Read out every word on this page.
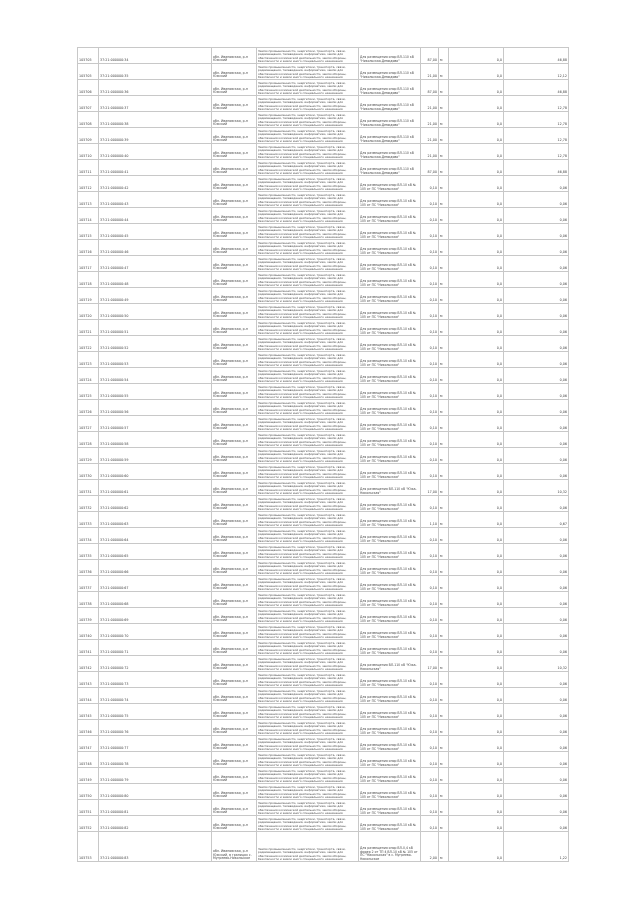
105705	37:21:000000:34	обл. Ивановская, р-н Южский	Земли промышленности, энергетики, транспорта, связи, радиовещания, телевидения, информатики, земли для обеспечения космической деятельности, земли обороны, безопасности и земли иного специального назначения	Для размещения опор ВЛ-110 кВ "Никольская-Демидово"	87,00	м	0,0	46,88
105705	37:21:000000:35	обл. Ивановская, р-н Южский	Земли промышленности, энергетики, транспорта, связи, радиовещания, телевидения, информатики, земли для обеспечения космической деятельности, земли обороны, безопасности и земли иного специального назначения	Для размещения опор ВЛ-110 кВ "Никольская-Демидово"	21,00	м	0,0	12,12
105706	37:21:000000:36	обл. Ивановская, р-н Южский	Земли промышленности, энергетики, транспорта, связи, радиовещания, телевидения, информатики, земли для обеспечения космической деятельности, земли обороны, безопасности и земли иного специального назначения	Для размещения опор ВЛ-110 кВ "Никольская-Демидово"	87,00	м	0,0	46,88
105707	37:21:000000:37	обл. Ивановская, р-н Южский	Земли промышленности, энергетики, транспорта, связи, радиовещания, телевидения, информатики, земли для обеспечения космической деятельности, земли обороны, безопасности и земли иного специального назначения	Для размещения опор ВЛ-110 кВ "Никольская-Демидово"	21,00	м	0,0	12,78
105708	37:21:000000:38	обл. Ивановская, р-н Южский	Земли промышленности, энергетики, транспорта, связи, радиовещания, телевидения, информатики, земли для обеспечения космической деятельности, земли обороны, безопасности и земли иного специального назначения	Для размещения опор ВЛ-110 кВ "Никольская-Демидово"	21,00	м	0,0	12,78
105709	37:21:000000:39	обл. Ивановская, р-н Южский	Земли промышленности, энергетики, транспорта, связи, радиовещания, телевидения, информатики, земли для обеспечения космической деятельности, земли обороны, безопасности и земли иного специального назначения	Для размещения опор ВЛ-110 кВ "Никольская-Демидово"	21,00	м	0,0	12,78
105710	37:21:000000:40	обл. Ивановская, р-н Южский	Земли промышленности, энергетики, транспорта, связи, радиовещания, телевидения, информатики, земли для обеспечения космической деятельности, земли обороны, безопасности и земли иного специального назначения	Для размещения опор ВЛ-110 кВ "Никольская-Демидово"	21,00	м	0,0	12,78
105711	37:21:000000:41	обл. Ивановская, р-н Южский	Земли промышленности, энергетики, транспорта, связи, радиовещания, телевидения, информатики, земли для обеспечения космической деятельности, земли обороны, безопасности и земли иного специального назначения	Для размещения опор ВЛ-110 кВ "Никольская-Демидово"	87,00	м	0,0	46,88
105712	37:21:000000:42	обл. Ивановская, р-н Южский	Земли промышленности, энергетики, транспорта, связи, радиовещания, телевидения, информатики, земли для обеспечения космической деятельности, земли обороны, безопасности и земли иного специального назначения	Для размещения опор ВЛ-10 кВ № 105 от ПС "Никольская"	0,10	м	0,0	0,06
105713	37:21:000000:43	обл. Ивановская, р-н Южский	Земли промышленности, энергетики, транспорта, связи, радиовещания, телевидения, информатики, земли для обеспечения космической деятельности, земли обороны, безопасности и земли иного специального назначения	Для размещения опор ВЛ-10 кВ № 105 от ПС "Никольская"	0,10	м	0,0	0,06
105714	37:21:000000:44	обл. Ивановская, р-н Южский	Земли промышленности, энергетики, транспорта, связи, радиовещания, телевидения, информатики, земли для обеспечения космической деятельности, земли обороны, безопасности и земли иного специального назначения	Для размещения опор ВЛ-10 кВ № 105 от ПС "Никольская"	0,10	м	0,0	0,06
105715	37:21:000000:45	обл. Ивановская, р-н Южский	Земли промышленности, энергетики, транспорта, связи, радиовещания, телевидения, информатики, земли для обеспечения космической деятельности, земли обороны, безопасности и земли иного специального назначения	Для размещения опор ВЛ-10 кВ № 105 от ПС "Никольская"	0,10	м	0,0	0,06
105716	37:21:000000:46	обл. Ивановская, р-н Южский	Земли промышленности, энергетики, транспорта, связи, радиовещания, телевидения, информатики, земли для обеспечения космической деятельности, земли обороны, безопасности и земли иного специального назначения	Для размещения опор ВЛ-10 кВ № 105 от ПС "Никольская"	0,10	м	0,0	0,06
105717	37:21:000000:47	обл. Ивановская, р-н Южский	Земли промышленности, энергетики, транспорта, связи, радиовещания, телевидения, информатики, земли для обеспечения космической деятельности, земли обороны, безопасности и земли иного специального назначения	Для размещения опор ВЛ-10 кВ № 105 от ПС "Никольская"	0,10	м	0,0	0,06
105718	37:21:000000:48	обл. Ивановская, р-н Южский	Земли промышленности, энергетики, транспорта, связи, радиовещания, телевидения, информатики, земли для обеспечения космической деятельности, земли обороны, безопасности и земли иного специального назначения	Для размещения опор ВЛ-10 кВ № 105 от ПС "Никольская"	0,10	м	0,0	0,06
105719	37:21:000000:49	обл. Ивановская, р-н Южский	Земли промышленности, энергетики, транспорта, связи, радиовещания, телевидения, информатики, земли для обеспечения космической деятельности, земли обороны, безопасности и земли иного специального назначения	Для размещения опор ВЛ-10 кВ № 105 от ПС "Никольская"	0,10	м	0,0	0,06
105720	37:21:000000:50	обл. Ивановская, р-н Южский	Земли промышленности, энергетики, транспорта, связи, радиовещания, телевидения, информатики, земли для обеспечения космической деятельности, земли обороны, безопасности и земли иного специального назначения	Для размещения опор ВЛ-10 кВ № 105 от ПС "Никольская"	0,10	м	0,0	0,06
105721	37:21:000000:51	обл. Ивановская, р-н Южский	Земли промышленности, энергетики, транспорта, связи, радиовещания, телевидения, информатики, земли для обеспечения космической деятельности, земли обороны, безопасности и земли иного специального назначения	Для размещения опор ВЛ-10 кВ № 105 от ПС "Никольская"	0,10	м	0,0	0,06
105722	37:21:000000:52	обл. Ивановская, р-н Южский	Земли промышленности, энергетики, транспорта, связи, радиовещания, телевидения, информатики, земли для обеспечения космической деятельности, земли обороны, безопасности и земли иного специального назначения	Для размещения опор ВЛ-10 кВ № 105 от ПС "Никольская"	0,10	м	0,0	0,06
105723	37:21:000000:53	обл. Ивановская, р-н Южский	Земли промышленности, энергетики, транспорта, связи, радиовещания, телевидения, информатики, земли для обеспечения космической деятельности, земли обороны, безопасности и земли иного специального назначения	Для размещения опор ВЛ-10 кВ № 105 от ПС "Никольская"	0,10	м	0,0	0,06
105724	37:21:000000:54	обл. Ивановская, р-н Южский	Земли промышленности, энергетики, транспорта, связи, радиовещания, телевидения, информатики, земли для обеспечения космической деятельности, земли обороны, безопасности и земли иного специального назначения	Для размещения опор ВЛ-10 кВ № 105 от ПС "Никольская"	0,10	м	0,0	0,06
105725	37:21:000000:55	обл. Ивановская, р-н Южский	Земли промышленности, энергетики, транспорта, связи, радиовещания, телевидения, информатики, земли для обеспечения космической деятельности, земли обороны, безопасности и земли иного специального назначения	Для размещения опор ВЛ-10 кВ № 105 от ПС "Никольская"	0,10	м	0,0	0,06
105726	37:21:000000:56	обл. Ивановская, р-н Южский	Земли промышленности, энергетики, транспорта, связи, радиовещания, телевидения, информатики, земли для обеспечения космической деятельности, земли обороны, безопасности и земли иного специального назначения	Для размещения опор ВЛ-10 кВ № 105 от ПС "Никольская"	0,10	м	0,0	0,06
105727	37:21:000000:57	обл. Ивановская, р-н Южский	Земли промышленности, энергетики, транспорта, связи, радиовещания, телевидения, информатики, земли для обеспечения космической деятельности, земли обороны, безопасности и земли иного специального назначения	Для размещения опор ВЛ-10 кВ № 105 от ПС "Никольская"	0,10	м	0,0	0,06
105728	37:21:000000:58	обл. Ивановская, р-н Южский	Земли промышленности, энергетики, транспорта, связи, радиовещания, телевидения, информатики, земли для обеспечения космической деятельности, земли обороны, безопасности и земли иного специального назначения	Для размещения опор ВЛ-10 кВ № 105 от ПС "Никольская"	0,10	м	0,0	0,06
105729	37:21:000000:59	обл. Ивановская, р-н Южский	Земли промышленности, энергетики, транспорта, связи, радиовещания, телевидения, информатики, земли для обеспечения космической деятельности, земли обороны, безопасности и земли иного специального назначения	Для размещения опор ВЛ-10 кВ № 105 от ПС "Никольская"	0,10	м	0,0	0,06
105730	37:21:000000:60	обл. Ивановская, р-н Южский	Земли промышленности, энергетики, транспорта, связи, радиовещания, телевидения, информатики, земли для обеспечения космической деятельности, земли обороны, безопасности и земли иного специального назначения	Для размещения опор ВЛ-10 кВ № 105 от ПС "Никольская"	0,10	м	0,0	0,06
105731	37:21:000000:61	обл. Ивановская, р-н Южский	Земли промышленности, энергетики, транспорта, связи, радиовещания, телевидения, информатики, земли для обеспечения космической деятельности, земли обороны, безопасности и земли иного специального назначения	Для размещения ВЛ-110 кВ "Южа-Никольская"	17,00	м	0,0	10,32
105732	37:21:000000:62	обл. Ивановская, р-н Южский	Земли промышленности, энергетики, транспорта, связи, радиовещания, телевидения, информатики, земли для обеспечения космической деятельности, земли обороны, безопасности и земли иного специального назначения	Для размещения опор ВЛ-10 кВ № 105 от ПС "Никольская"	0,10	м	0,0	0,06
105733	37:21:000000:63	обл. Ивановская, р-н Южский	Земли промышленности, энергетики, транспорта, связи, радиовещания, телевидения, информатики, земли для обеспечения космической деятельности, земли обороны, безопасности и земли иного специального назначения	Для размещения опор ВЛ-10 кВ № 105 от ПС "Никольская"	1,10	м	0,0	0,67
105734	37:21:000000:64	обл. Ивановская, р-н Южский	Земли промышленности, энергетики, транспорта, связи, радиовещания, телевидения, информатики, земли для обеспечения космической деятельности, земли обороны, безопасности и земли иного специального назначения	Для размещения опор ВЛ-10 кВ № 105 от ПС "Никольская"	0,10	м	0,0	0,06
105735	37:21:000000:65	обл. Ивановская, р-н Южский	Земли промышленности, энергетики, транспорта, связи, радиовещания, телевидения, информатики, земли для обеспечения космической деятельности, земли обороны, безопасности и земли иного специального назначения	Для размещения опор ВЛ-10 кВ № 105 от ПС "Никольская"	0,10	м	0,0	0,06
105736	37:21:000000:66	обл. Ивановская, р-н Южский	Земли промышленности, энергетики, транспорта, связи, радиовещания, телевидения, информатики, земли для обеспечения космической деятельности, земли обороны, безопасности и земли иного специального назначения	Для размещения опор ВЛ-10 кВ № 105 от ПС "Никольская"	0,10	м	0,0	0,06
105737	37:21:000000:67	обл. Ивановская, р-н Южский	Земли промышленности, энергетики, транспорта, связи, радиовещания, телевидения, информатики, земли для обеспечения космической деятельности, земли обороны, безопасности и земли иного специального назначения	Для размещения опор ВЛ-10 кВ № 105 от ПС "Никольская"	0,10	м	0,0	0,06
105738	37:21:000000:68	обл. Ивановская, р-н Южский	Земли промышленности, энергетики, транспорта, связи, радиовещания, телевидения, информатики, земли для обеспечения космической деятельности, земли обороны, безопасности и земли иного специального назначения	Для размещения опор ВЛ-10 кВ № 105 от ПС "Никольская"	0,10	м	0,0	0,06
105739	37:21:000000:69	обл. Ивановская, р-н Южский	Земли промышленности, энергетики, транспорта, связи, радиовещания, телевидения, информатики, земли для обеспечения космической деятельности, земли обороны, безопасности и земли иного специального назначения	Для размещения опор ВЛ-10 кВ № 105 от ПС "Никольская"	0,10	м	0,0	0,06
105740	37:21:000000:70	обл. Ивановская, р-н Южский	Земли промышленности, энергетики, транспорта, связи, радиовещания, телевидения, информатики, земли для обеспечения космической деятельности, земли обороны, безопасности и земли иного специального назначения	Для размещения опор ВЛ-10 кВ № 105 от ПС "Никольская"	0,10	м	0,0	0,06
105741	37:21:000000:71	обл. Ивановская, р-н Южский	Земли промышленности, энергетики, транспорта, связи, радиовещания, телевидения, информатики, земли для обеспечения космической деятельности, земли обороны, безопасности и земли иного специального назначения	Для размещения опор ВЛ-10 кВ № 105 от ПС "Никольская"	0,10	м	0,0	0,06
105742	37:21:000000:72	обл. Ивановская, р-н Южский	Земли промышленности, энергетики, транспорта, связи, радиовещания, телевидения, информатики, земли для обеспечения космической деятельности, земли обороны, безопасности и земли иного специального назначения	Для размещения ВЛ-110 кВ "Южа-Никольская"	17,00	м	0,0	10,32
105743	37:21:000000:73	обл. Ивановская, р-н Южский	Земли промышленности, энергетики, транспорта, связи, радиовещания, телевидения, информатики, земли для обеспечения космической деятельности, земли обороны, безопасности и земли иного специального назначения	Для размещения опор ВЛ-10 кВ № 105 от ПС "Никольская"	0,10	м	0,0	0,06
105744	37:21:000000:74	обл. Ивановская, р-н Южский	Земли промышленности, энергетики, транспорта, связи, радиовещания, телевидения, информатики, земли для обеспечения космической деятельности, земли обороны, безопасности и земли иного специального назначения	Для размещения опор ВЛ-10 кВ № 105 от ПС "Никольская"	0,10	м	0,0	0,06
105745	37:21:000000:75	обл. Ивановская, р-н Южский	Земли промышленности, энергетики, транспорта, связи, радиовещания, телевидения, информатики, земли для обеспечения космической деятельности, земли обороны, безопасности и земли иного специального назначения	Для размещения опор ВЛ-10 кВ № 105 от ПС "Никольская"	0,10	м	0,0	0,06
105746	37:21:000000:76	обл. Ивановская, р-н Южский	Земли промышленности, энергетики, транспорта, связи, радиовещания, телевидения, информатики, земли для обеспечения космической деятельности, земли обороны, безопасности и земли иного специального назначения	Для размещения опор ВЛ-10 кВ № 105 от ПС "Никольская"	0,10	м	0,0	0,06
105747	37:21:000000:77	обл. Ивановская, р-н Южский	Земли промышленности, энергетики, транспорта, связи, радиовещания, телевидения, информатики, земли для обеспечения космической деятельности, земли обороны, безопасности и земли иного специального назначения	Для размещения опор ВЛ-10 кВ № 105 от ПС "Никольская"	0,10	м	0,0	0,06
105748	37:21:000000:78	обл. Ивановская, р-н Южский	Земли промышленности, энергетики, транспорта, связи, радиовещания, телевидения, информатики, земли для обеспечения космической деятельности, земли обороны, безопасности и земли иного специального назначения	Для размещения опор ВЛ-10 кВ № 105 от ПС "Никольская"	0,10	м	0,0	0,06
105749	37:21:000000:79	обл. Ивановская, р-н Южский	Земли промышленности, энергетики, транспорта, связи, радиовещания, телевидения, информатики, земли для обеспечения космической деятельности, земли обороны, безопасности и земли иного специального назначения	Для размещения опор ВЛ-10 кВ № 105 от ПС "Никольская"	0,10	м	0,0	0,06
105750	37:21:000000:80	обл. Ивановская, р-н Южский	Земли промышленности, энергетики, транспорта, связи, радиовещания, телевидения, информатики, земли для обеспечения космической деятельности, земли обороны, безопасности и земли иного специального назначения	Для размещения опор ВЛ-10 кВ № 105 от ПС "Никольская"	0,10	м	0,0	0,06
105751	37:21:000000:81	обл. Ивановская, р-н Южский	Земли промышленности, энергетики, транспорта, связи, радиовещания, телевидения, информатики, земли для обеспечения космической деятельности, земли обороны, безопасности и земли иного специального назначения	Для размещения опор ВЛ-10 кВ № 105 от ПС "Никольская"	0,10	м	0,0	0,06
105752	37:21:000000:82	обл. Ивановская, р-н Южский	Земли промышленности, энергетики, транспорта, связи, радиовещания, телевидения, информатики, земли для обеспечения космической деятельности, земли обороны, безопасности и земли иного специального назначения	Для размещения опор ВЛ-10 кВ № 105 от ПС "Никольская"	0,10	м	0,0	0,06
105753	37:21:000000:83	обл. Ивановская, р-н Южский, в границах с. Мугреево-Никольское	Земли промышленности, энергетики, транспорта, связи, радиовещания, телевидения, информатики, земли для обеспечения космической деятельности, земли обороны, безопасности и земли иного специального назначения	Для размещения опор ВЛ-0,4 кВ фидер 2 от ТП 4 ВЛ-10 кВ № 105 от ПС "Никольская" в с. Мугреево-Никольское	2,00	м	0,0	1,22
